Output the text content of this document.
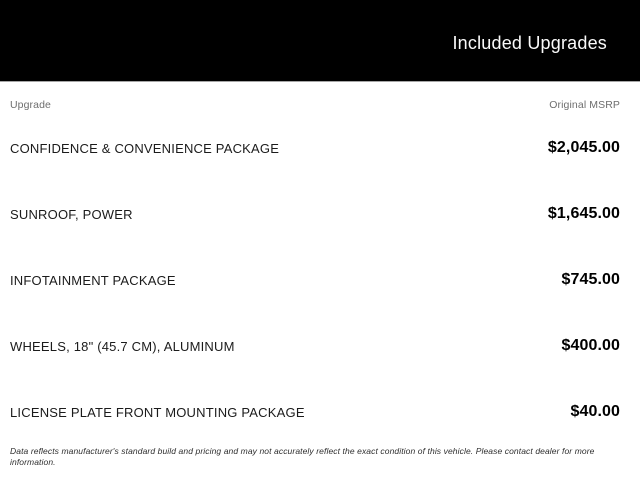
Included Upgrades
Upgrade	Original MSRP
CONFIDENCE & CONVENIENCE PACKAGE	$2,045.00
SUNROOF, POWER	$1,645.00
INFOTAINMENT PACKAGE	$745.00
WHEELS, 18" (45.7 CM), ALUMINUM	$400.00
LICENSE PLATE FRONT MOUNTING PACKAGE	$40.00

Data reflects manufacturer's standard build and pricing and may not accurately reflect the exact condition of this vehicle. Please contact dealer for more information.
